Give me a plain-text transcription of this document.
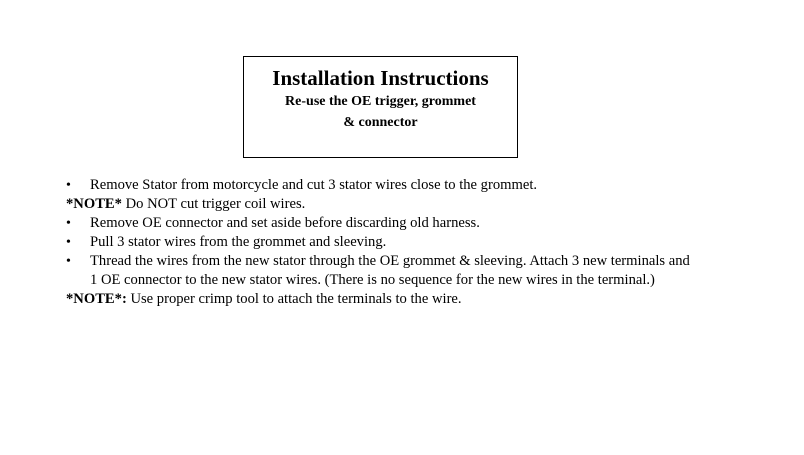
Installation Instructions
Re-use the OE trigger, grommet
& connector
•	Remove Stator from motorcycle and cut 3 stator wires close to the grommet.
*NOTE* Do NOT cut trigger coil wires.
•	Remove OE connector and set aside before discarding old harness.
•	Pull 3 stator wires from the grommet and sleeving.
•	Thread the wires from the new stator through the OE grommet & sleeving. Attach 3 new terminals and
1 OE connector to the new stator wires. (There is no sequence for the new wires in the terminal.)
*NOTE*: Use proper crimp tool to attach the terminals to the wire.
